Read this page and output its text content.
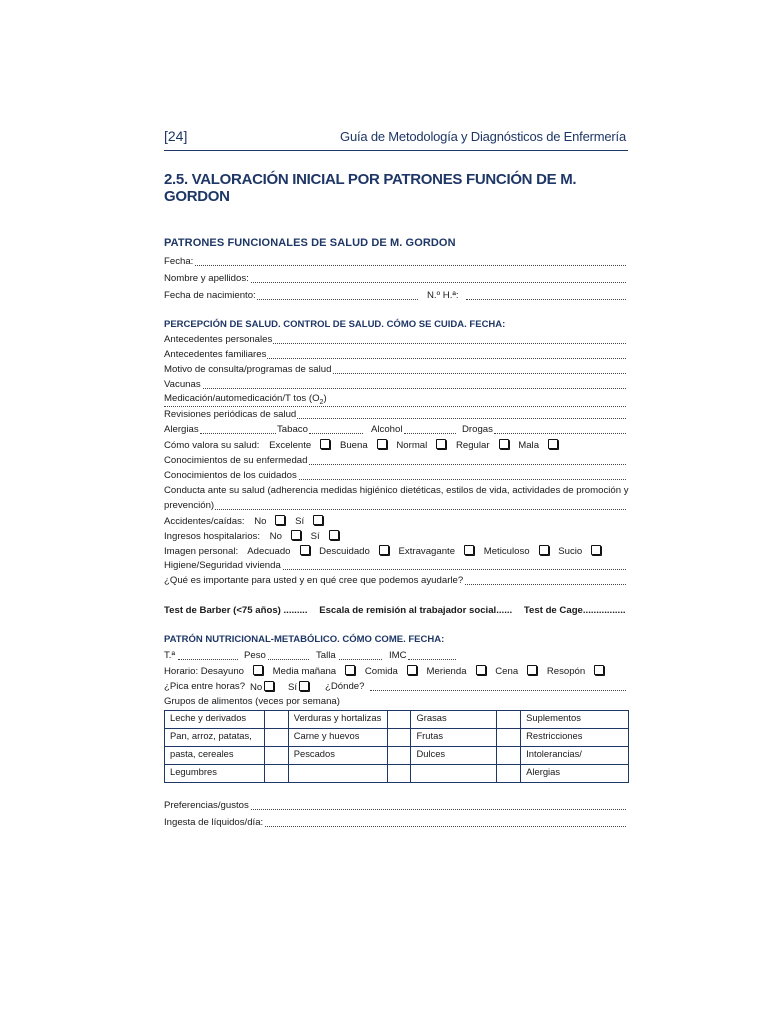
[24]	Guía de Metodología y Diagnósticos de Enfermería
2.5. VALORACIÓN INICIAL POR PATRONES FUNCIÓN DE M. GORDON
PATRONES FUNCIONALES DE SALUD DE M. GORDON
Fecha:
Nombre y apellidos:
Fecha de nacimiento:	N.º H.ª:
PERCEPCIÓN DE SALUD. CONTROL DE SALUD. CÓMO SE CUIDA. FECHA:
Antecedentes personales
Antecedentes familiares
Motivo de consulta/programas de salud
Vacunas
Medicación/automedicación/T tos $(O_2)$
Revisiones periódicas de salud
Alergias	Tabaco	Alcohol	Drogas
Cómo valora su salud: Excelente	Buena	Normal	Regular	Mala
Conocimientos de su enfermedad
Conocimientos de los cuidados
Conducta ante su salud (adherencia medidas higiénico dietéticas, estilos de vida, actividades de promoción y
prevención)
Accidentes/caídas: No	Sí
Ingresos hospitalarios: No	Sí
Imagen personal: Adecuado	Descuidado	Extravagante	Meticuloso	Sucio
Higiene/Seguridad vivienda
¿Qué es importante para usted y en qué cree que podemos ayudarle?
Test de Barber (<75 años) ......... Escala de remisión al trabajador social...... Test de Cage................
PATRÓN NUTRICIONAL-METABÓLICO. CÓMO COME. FECHA:
T.ª	Peso	Talla	IMC
Horario: Desayuno	Media mañana	Comida	Merienda	Cena	Resopón
¿Pica entre horas? No	Sí	¿Dónde?
Grupos de alimentos (veces por semana)
Leche y derivados		Verduras y hortalizas		Grasas		Suplementos
Pan, arroz, patatas,		Carne y huevos		Frutas		Restricciones
pasta, cereales		Pescados		Dulces		Intolerancias/
Legumbres						Alergias
Preferencias/gustos
Ingesta de líquidos/día:
